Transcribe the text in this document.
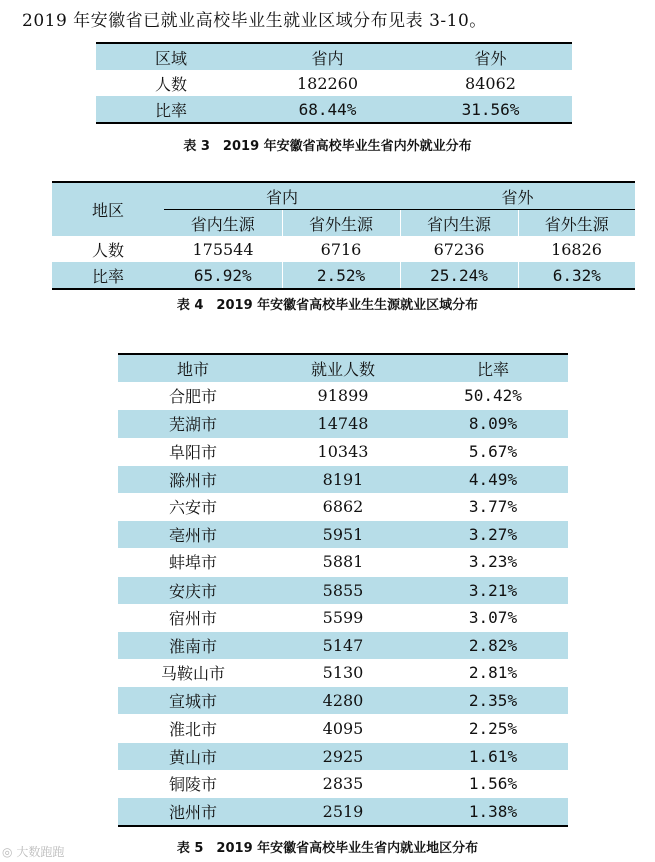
2019 年安徽省已就业高校毕业生就业区域分布见表 3-10。
区域	省内	省外
人数	182260	84062
比率	68.44%	31.56%
表 3　2019 年安徽省高校毕业生省内外就业分布
地区	省内		省外	
	省内生源	省外生源	省内生源	省外生源
人数	175544	6716	67236	16826
比率	65.92%	2.52%	25.24%	6.32%
表 4　2019 年安徽省高校毕业生生源就业区域分布
地市	就业人数	比率
合肥市	91899	50.42%
芜湖市	14748	8.09%
阜阳市	10343	5.67%
滁州市	8191	4.49%
六安市	6862	3.77%
亳州市	5951	3.27%
蚌埠市	5881	3.23%
安庆市	5855	3.21%
宿州市	5599	3.07%
淮南市	5147	2.82%
马鞍山市	5130	2.81%
宣城市	4280	2.35%
淮北市	4095	2.25%
黄山市	2925	1.61%
铜陵市	2835	1.56%
池州市	2519	1.38%
表 5　2019 年安徽省高校毕业生省内就业地区分布
◎ 大数跑跑
